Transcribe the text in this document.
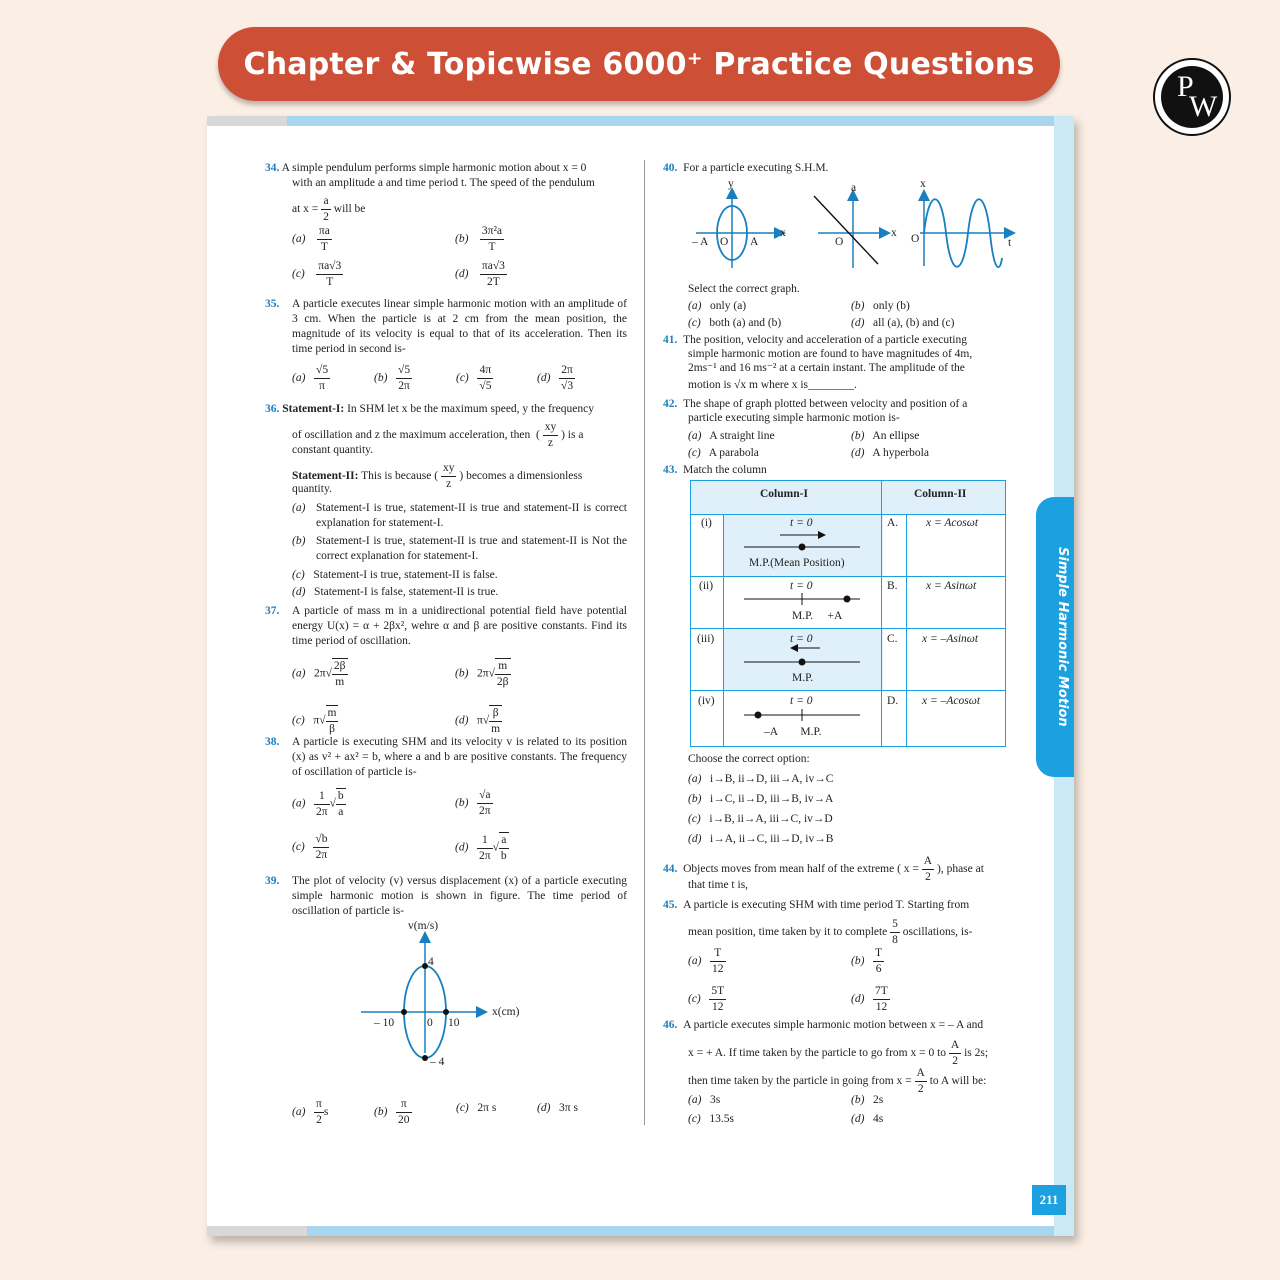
Chapter & Topicwise 6000⁺ Practice Questions
P
W
Simple Harmonic Motion
211
34. A simple pendulum performs simple harmonic motion about x = 0
with an amplitude a and time period t. The speed of the pendulum
at $x = \frac{a}{2}$ will be
$(a) \frac{\pi a}{T}$	$(b) \frac{\text{3π²a}}{T}$
$(c) \frac{\pi a√3}{T}$	$(d) \frac{\pi a√3}{2T}$
35. A particle executes linear simple harmonic motion with an amplitude of 3 cm. When the particle is at 2 cm from the mean position, the magnitude of its velocity is equal to that of its acceleration. Then its time period in second is-
$(a) \frac{√5}{\pi}$	$(b) \frac{√5}{2\pi}$	$(c) \frac{4\pi}{√5}$	$(d) \frac{2\pi}{√3}$
36. Statement-I: In SHM let x be the maximum speed, y the frequency
of oscillation and z the maximum acceleration, then  ( $\frac{xy}{z}$ ) is a
constant quantity.
Statement-II: This is because ( $\frac{xy}{z}$ ) becomes a dimensionless
quantity.
(a) Statement-I is true, statement-II is true and statement-II is correct explanation for statement-I.
(b) Statement-I is true, statement-II is true and statement-II is Not the correct explanation for statement-I.
(c) Statement-I is true, statement-II is false.
(d) Statement-I is false, statement-II is true.
37. A particle of mass m in a unidirectional potential field have potential energy U(x) = α + 2βx², wehre α and β are positive constants. Find its time period of oscillation.
(a) $2\pi√ \frac{2\beta}{m}$	(b) $2\pi√ \frac{m}{2\beta}$
(c) $\pi√ \frac{m}{\beta}$	(d) $\pi√ \frac{\beta}{m}$
38. A particle is executing SHM and its velocity v is related to its position (x) as v² + ax² = b, where a and b are positive constants. The frequency of oscillation of particle is-
$(a) \frac{1}{2\pi}$ √ $\frac{b}{a}$	$(b) \frac{√a}{2\pi}$
$(c) \frac{√b}{2\pi}$	$(d) \frac{1}{2\pi}$ √ $\frac{a}{b}$
39. The plot of velocity (v) versus displacement (x) of a particle executing simple harmonic motion is shown in figure. The time period of oscillation of particle is-
v(m/s)
x(cm)
4
– 4
– 10	0 10
$(a) \frac{\pi}{2}$ s	$(b) \frac{\pi}{20}$	(c) 2π s	(d) 3π s
40. For a particle executing S.H.M.
y
x
– A O A
a
x
O
x
t
O
Select the correct graph.
(a) only (a)	(b) only (b)
(c) both (a) and (b)	(d) all (a), (b) and (c)
41. The position, velocity and acceleration of a particle executing
simple harmonic motion are found to have magnitudes of 4m,
2ms⁻¹ and 16 ms⁻² at a certain instant. The amplitude of the
motion is √x m where x is________.
42. The shape of graph plotted between velocity and position of a
particle executing simple harmonic motion is-
(a) A straight line	(b) An ellipse
(c) A parabola	(d) A hyperbola
43. Match the column
Column-I	Column-II
(i)	t = 0
M.P.(Mean Position)
A. x = Acosωt
(ii)	t = 0
M.P.     +A
B. x = Asinωt
(iii)	t = 0
M.P.
C. x = –Asinωt
(iv)	t = 0
–A        M.P.
D. x = –Acosωt
Choose the correct option:
(a) i→B, ii→D, iii→A, iv→C
(b) i→C, ii→D, iii→B, iv→A
(c) i→B, ii→A, iii→C, iv→D
(d) i→A, ii→C, iii→D, iv→B
44. Objects moves from mean half of the extreme ( $x = \frac{A}{2}$ ), phase at
that time t is,
45. A particle is executing SHM with time period T. Starting from
mean position, time taken by it to complete $\frac{5}{8}$ oscillations, is-
$(a) \frac{T}{12}$	$(b) \frac{T}{6}$
$(c) \frac{5T}{12}$	$(d) \frac{7T}{12}$
46. A particle executes simple harmonic motion between x = – A and
x = + A. If time taken by the particle to go from x = 0 to $\frac{A}{2}$ is 2s;
then time taken by the particle in going from $x = \frac{A}{2}$ to A will be:
(a) 3s	(b) 2s
(c) 13.5s	(d) 4s
